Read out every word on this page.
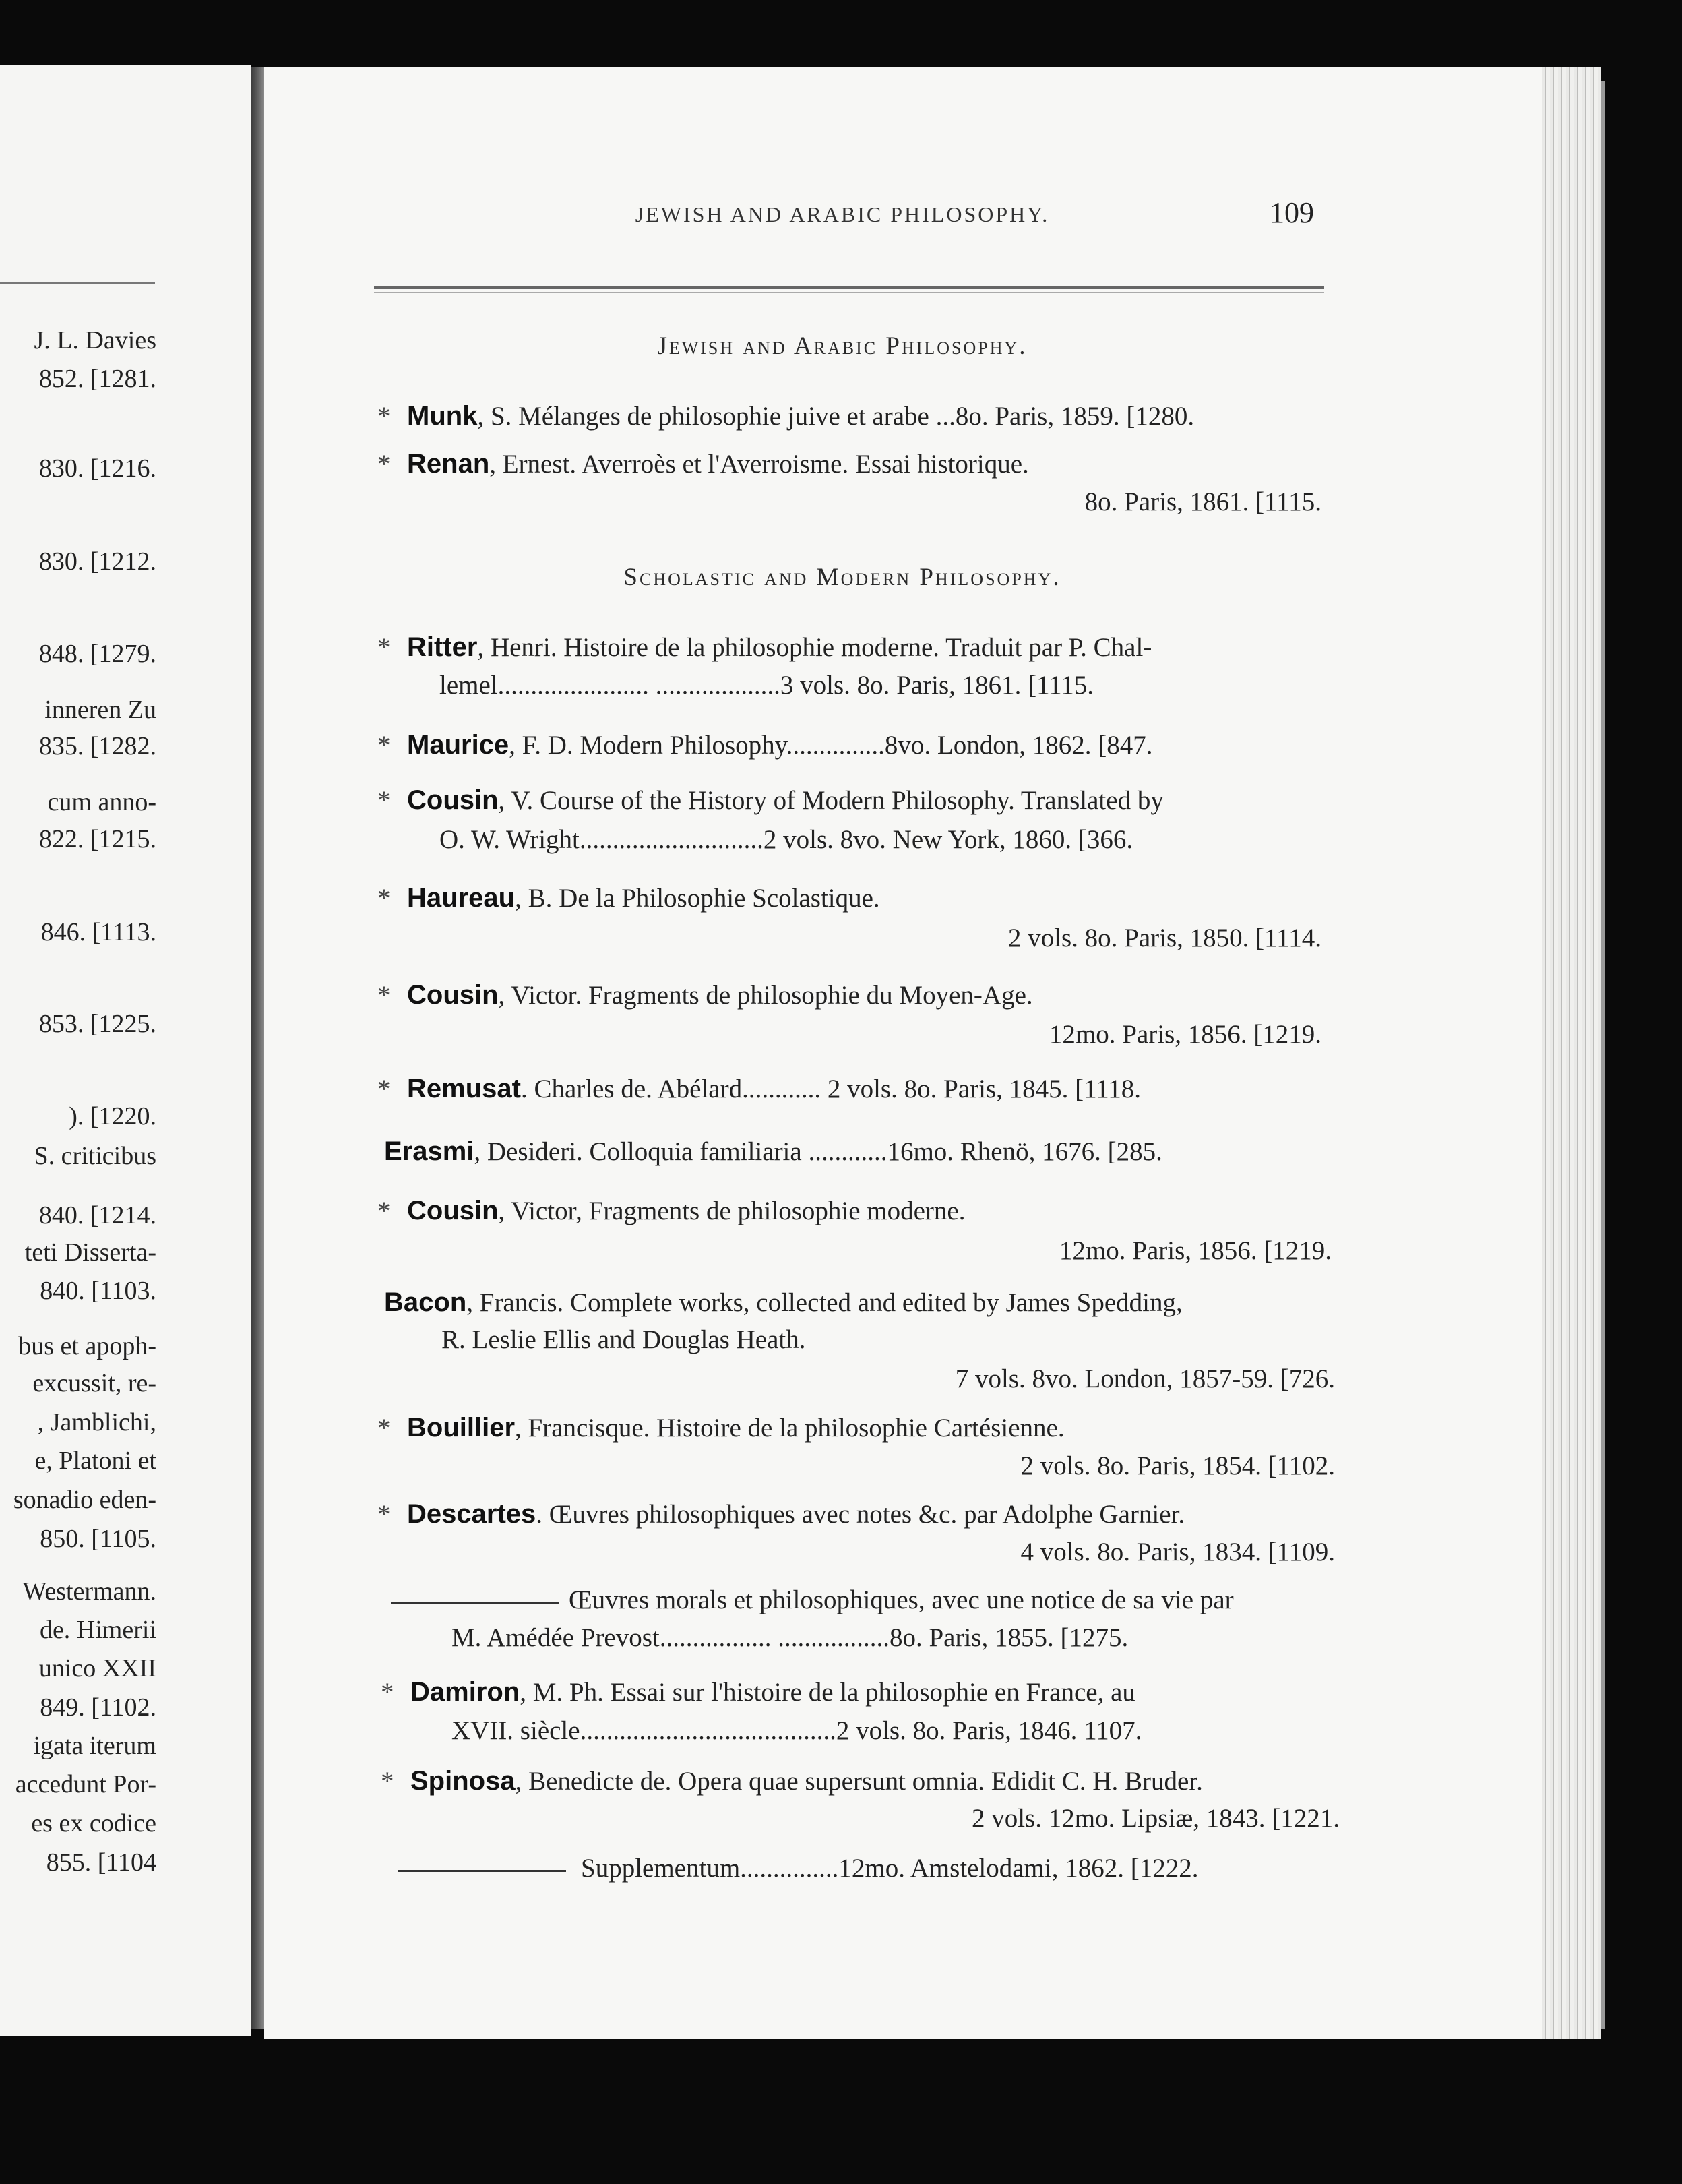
J. L. Davies
852. [1281.
830. [1216.
830. [1212.
848. [1279.
inneren Zu
835. [1282.
cum anno-
822. [1215.
846. [1113.
853. [1225.
). [1220.
S. criticibus
840. [1214.
teti Disserta-
840. [1103.
bus et apoph-
excussit, re-
, Jamblichi,
e, Platoni et
sonadio eden-
850. [1105.
Westermann.
de. Himerii
unico XXII
849. [1102.
igata iterum
accedunt Por-
es ex codice
855. [1104
JEWISH AND ARABIC PHILOSOPHY.	109
Jewish and Arabic Philosophy.
* Munk, S. Mélanges de philosophie juive et arabe ...8o. Paris, 1859. [1280.
* Renan, Ernest. Averroès et l'Averroisme. Essai historique.
8o. Paris, 1861. [1115.
Scholastic and Modern Philosophy.
* Ritter, Henri. Histoire de la philosophie moderne. Traduit par P. Chal-
lemel....................... ...................3 vols. 8o. Paris, 1861. [1115.
* Maurice, F. D. Modern Philosophy...............8vo. London, 1862. [847.
* Cousin, V. Course of the History of Modern Philosophy. Translated by
O. W. Wright............................2 vols. 8vo. New York, 1860. [366.
* Haureau, B. De la Philosophie Scolastique.
2 vols. 8o. Paris, 1850. [1114.
* Cousin, Victor. Fragments de philosophie du Moyen-Age.
12mo. Paris, 1856. [1219.
* Remusat. Charles de. Abélard............ 2 vols. 8o. Paris, 1845. [1118.
Erasmi, Desideri. Colloquia familiaria ............16mo. Rhenö, 1676. [285.
* Cousin, Victor, Fragments de philosophie moderne.
12mo. Paris, 1856. [1219.
Bacon, Francis. Complete works, collected and edited by James Spedding,
R. Leslie Ellis and Douglas Heath.
7 vols. 8vo. London, 1857-59. [726.
* Bouillier, Francisque. Histoire de la philosophie Cartésienne.
2 vols. 8o. Paris, 1854. [1102.
* Descartes. Œuvres philosophiques avec notes &c. par Adolphe Garnier.
4 vols. 8o. Paris, 1834. [1109.
Œuvres morals et philosophiques, avec une notice de sa vie par
M. Amédée Prevost................. .................8o. Paris, 1855. [1275.
* Damiron, M. Ph. Essai sur l'histoire de la philosophie en France, au
XVII. siècle.......................................2 vols. 8o. Paris, 1846. 1107.
* Spinosa, Benedicte de. Opera quae supersunt omnia. Edidit C. H. Bruder.
2 vols. 12mo. Lipsiæ, 1843. [1221.
Supplementum...............12mo. Amstelodami, 1862. [1222.
